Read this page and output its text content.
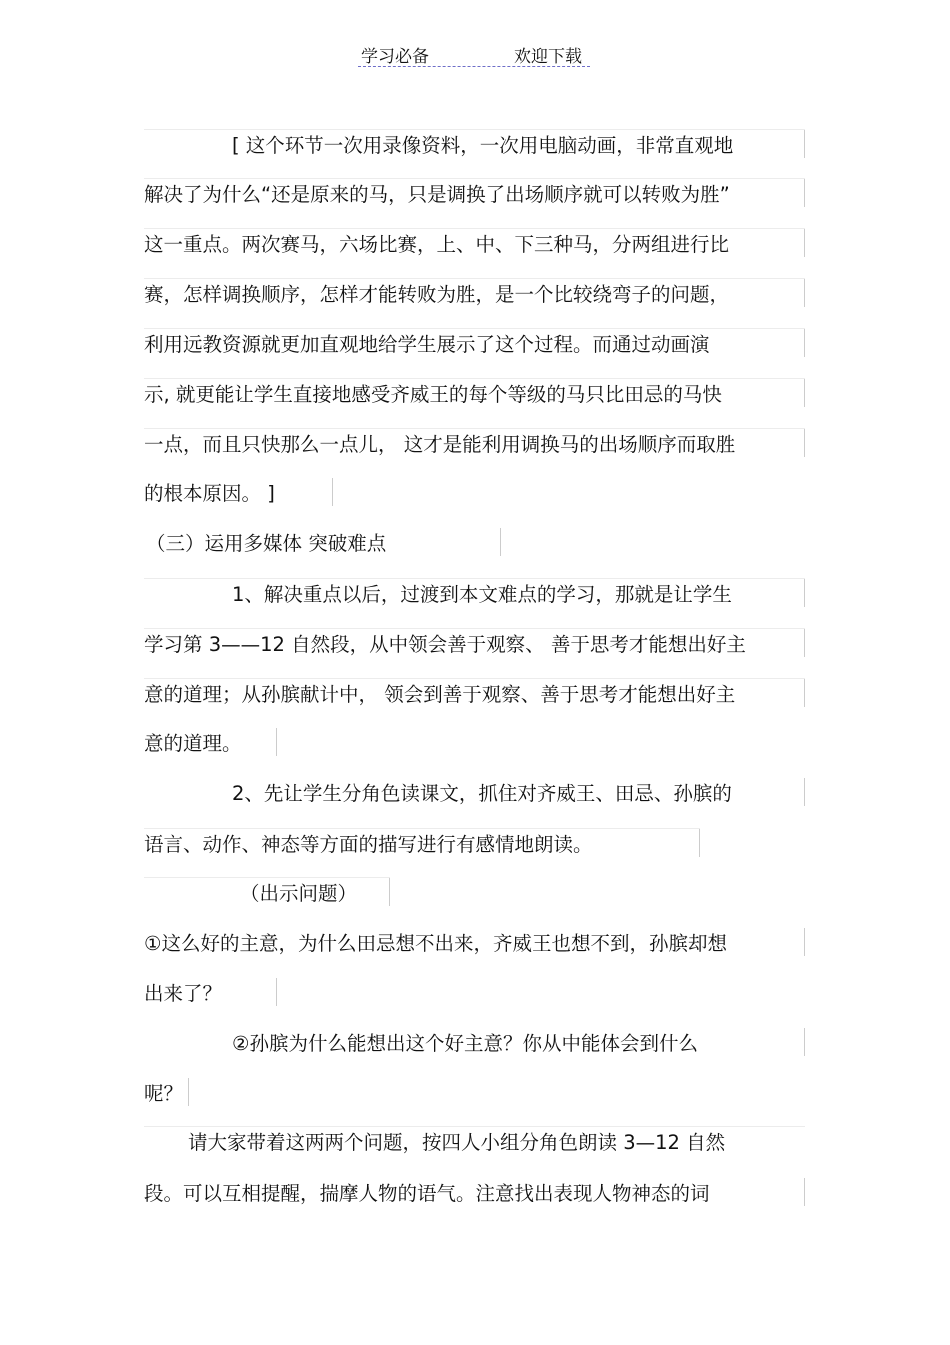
学习必备	欢迎下载
[ 这个环节一次用录像资料，一次用电脑动画，非常直观地
解决了为什么“还是原来的马，只是调换了出场顺序就可以转败为胜”
这一重点。两次赛马，六场比赛，上、中、下三种马，分两组进行比
赛，怎样调换顺序，怎样才能转败为胜，是一个比较绕弯子的问题，
利用远教资源就更加直观地给学生展示了这个过程。而通过动画演
示, 就更能让学生直接地感受齐威王的每个等级的马只比田忌的马快
一点，而且只快那么一点儿， 这才是能利用调换马的出场顺序而取胜
的根本原因。 ]
（三）运用多媒体 突破难点
1、解决重点以后，过渡到本文难点的学习，那就是让学生
学习第 3——12 自然段，从中领会善于观察、 善于思考才能想出好主
意的道理；从孙膑献计中， 领会到善于观察、善于思考才能想出好主
意的道理。
2、先让学生分角色读课文，抓住对齐威王、田忌、孙膑的
语言、动作、神态等方面的描写进行有感情地朗读。
（出示问题）
①这么好的主意，为什么田忌想不出来，齐威王也想不到，孙膑却想
出来了？
②孙膑为什么能想出这个好主意？你从中能体会到什么
呢？
请大家带着这两两个问题，按四人小组分角色朗读 3—12 自然
段。可以互相提醒，揣摩人物的语气。注意找出表现人物神态的词
